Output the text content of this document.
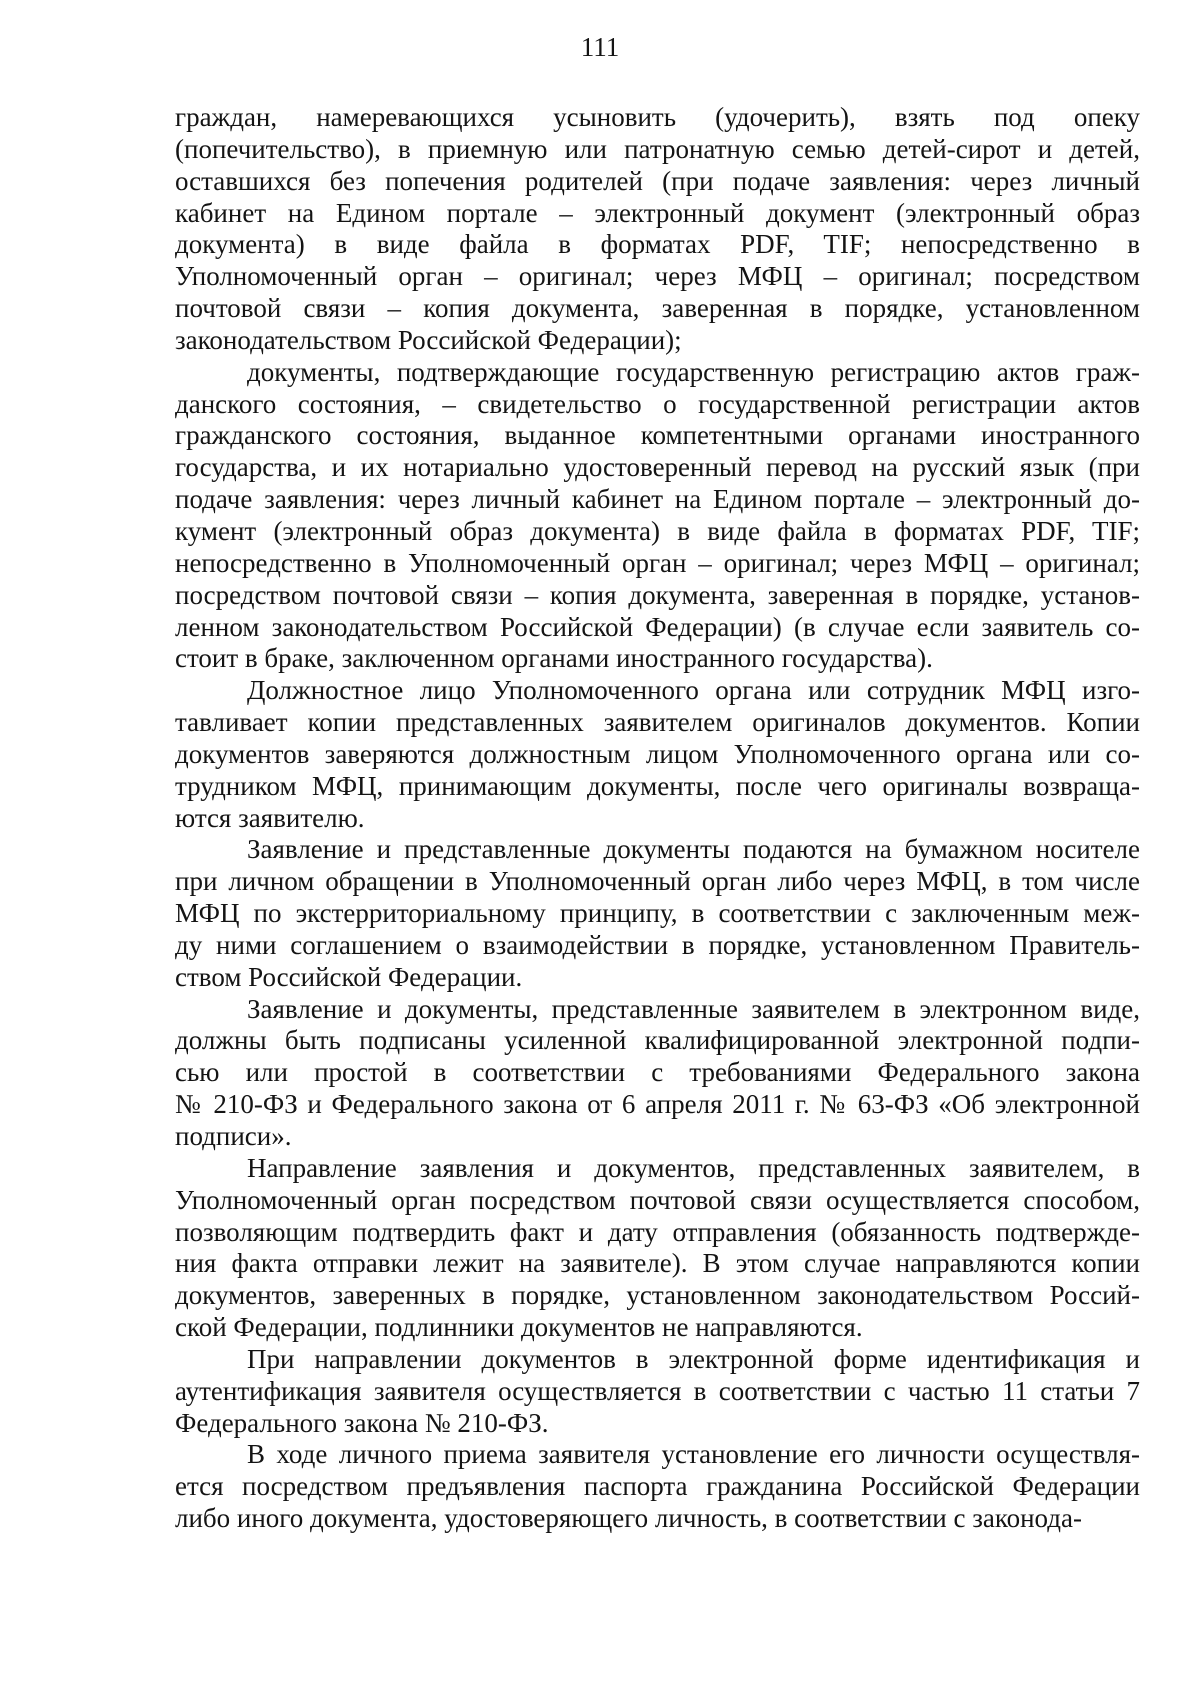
111
граждан, намеревающихся усыновить (удочерить), взять под опеку
(попечительство), в приемную или патронатную семью детей-сирот и детей,
оставшихся без попечения родителей (при подаче заявления: через личный
кабинет на Едином портале – электронный документ (электронный образ
документа) в виде файла в форматах PDF, TIF; непосредственно в
Уполномоченный орган – оригинал; через МФЦ – оригинал; посредством
почтовой связи – копия документа, заверенная в порядке, установленном
законодательством Российской Федерации);
документы, подтверждающие государственную регистрацию актов граж-
данского состояния, – свидетельство о государственной регистрации актов
гражданского состояния, выданное компетентными органами иностранного
государства, и их нотариально удостоверенный перевод на русский язык (при
подаче заявления: через личный кабинет на Едином портале – электронный до-
кумент (электронный образ документа) в виде файла в форматах PDF, TIF;
непосредственно в Уполномоченный орган – оригинал; через МФЦ – оригинал;
посредством почтовой связи – копия документа, заверенная в порядке, установ-
ленном законодательством Российской Федерации) (в случае если заявитель со-
стоит в браке, заключенном органами иностранного государства).
Должностное лицо Уполномоченного органа или сотрудник МФЦ изго-
тавливает копии представленных заявителем оригиналов документов. Копии
документов заверяются должностным лицом Уполномоченного органа или со-
трудником МФЦ, принимающим документы, после чего оригиналы возвраща-
ются заявителю.
Заявление и представленные документы подаются на бумажном носителе
при личном обращении в Уполномоченный орган либо через МФЦ, в том числе
МФЦ по экстерриториальному принципу, в соответствии с заключенным меж-
ду ними соглашением о взаимодействии в порядке, установленном Правитель-
ством Российской Федерации.
Заявление и документы, представленные заявителем в электронном виде,
должны быть подписаны усиленной квалифицированной электронной подпи-
сью или простой в соответствии с требованиями Федерального закона
№ 210-ФЗ и Федерального закона от 6 апреля 2011 г. № 63-ФЗ «Об электронной
подписи».
Направление заявления и документов, представленных заявителем, в
Уполномоченный орган посредством почтовой связи осуществляется способом,
позволяющим подтвердить факт и дату отправления (обязанность подтвержде-
ния факта отправки лежит на заявителе). В этом случае направляются копии
документов, заверенных в порядке, установленном законодательством Россий-
ской Федерации, подлинники документов не направляются.
При направлении документов в электронной форме идентификация и
аутентификация заявителя осуществляется в соответствии с частью 11 статьи 7
Федерального закона № 210-ФЗ.
В ходе личного приема заявителя установление его личности осуществля-
ется посредством предъявления паспорта гражданина Российской Федерации
либо иного документа, удостоверяющего личность, в соответствии с законода-
